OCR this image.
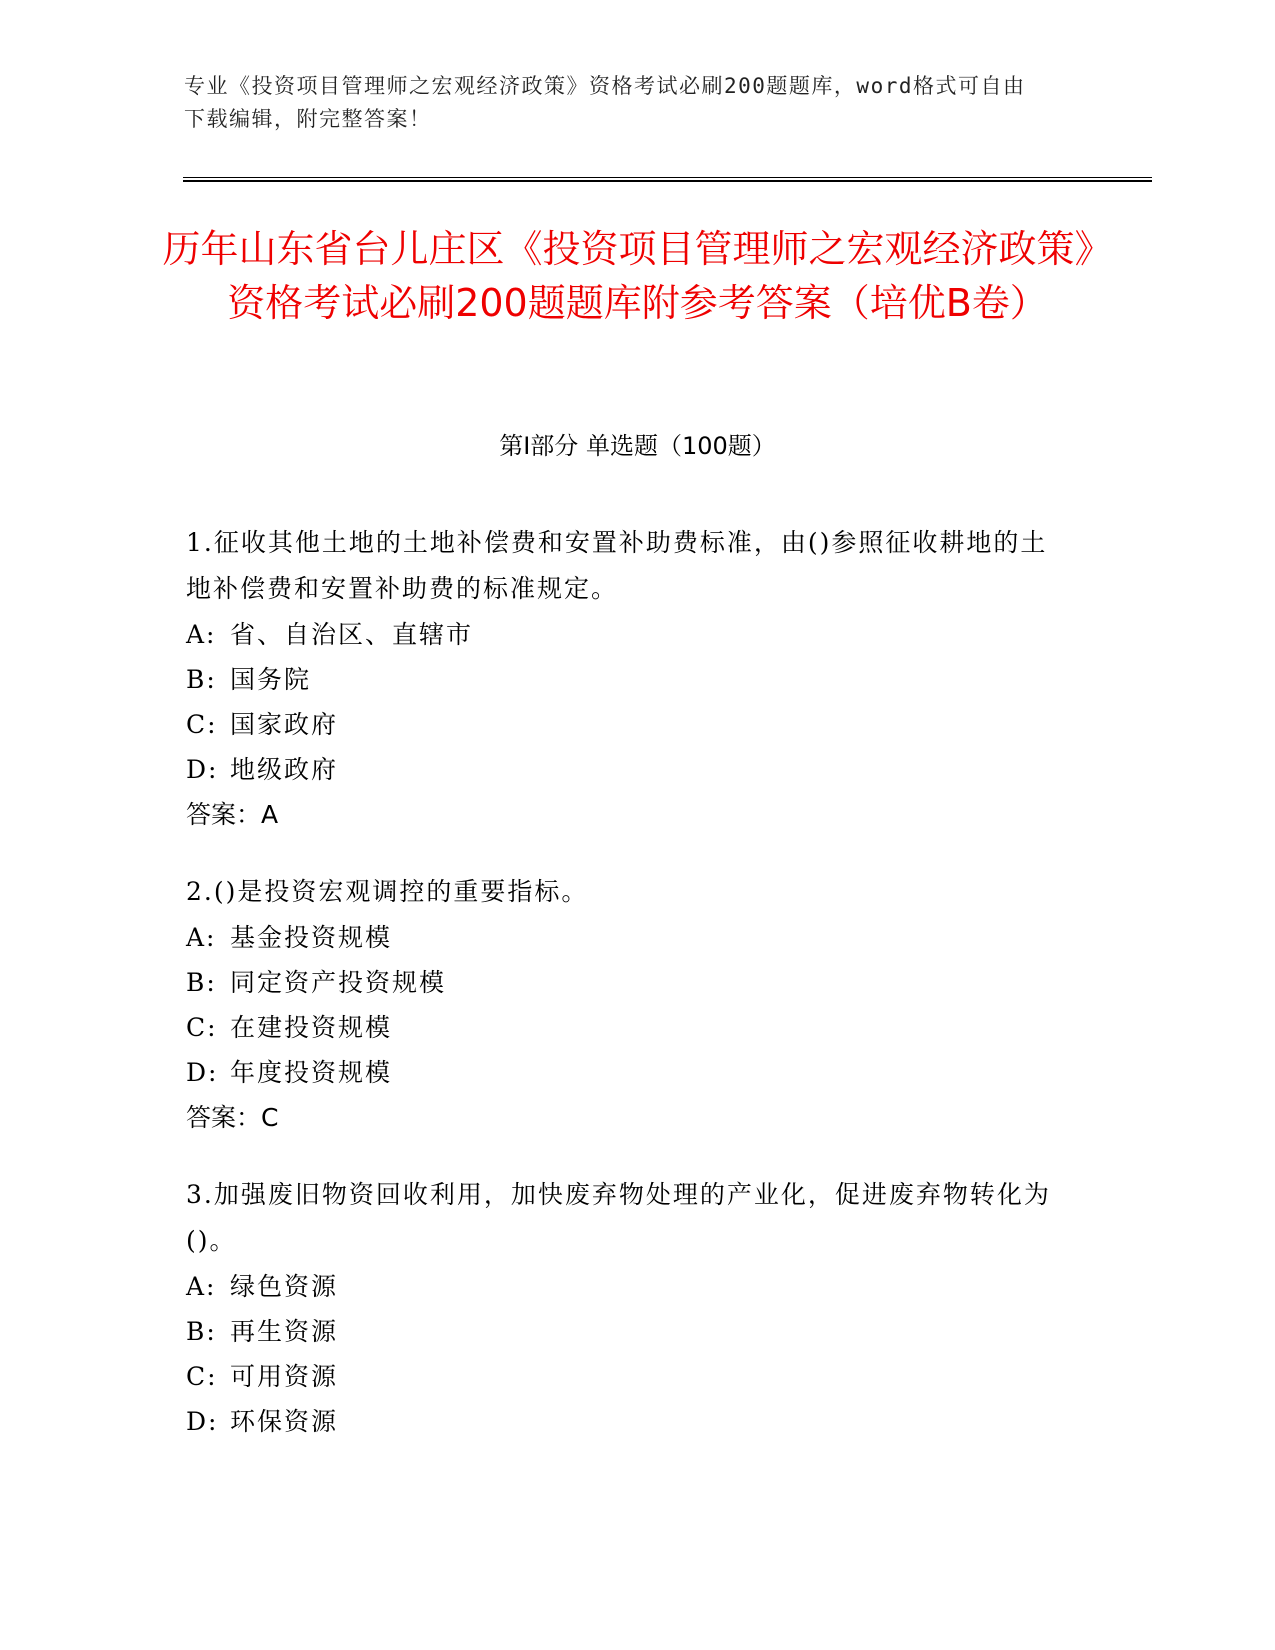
专业《投资项目管理师之宏观经济政策》资格考试必刷200题题库，word格式可自由下载编辑，附完整答案！
历年山东省台儿庄区《投资项目管理师之宏观经济政策》资格考试必刷200题题库附参考答案（培优B卷）
第Ⅰ部分 单选题（100题）

1.征收其他土地的土地补偿费和安置补助费标准，由()参照征收耕地的土地补偿费和安置补助费的标准规定。

A: 省、自治区、直辖市

B: 国务院

C: 国家政府

D: 地级政府

答案：A

2.()是投资宏观调控的重要指标。

A: 基金投资规模

B: 同定资产投资规模

C: 在建投资规模

D: 年度投资规模

答案：C

3.加强废旧物资回收利用，加快废弃物处理的产业化，促进废弃物转化为()。

A: 绿色资源

B: 再生资源

C: 可用资源

D: 环保资源
